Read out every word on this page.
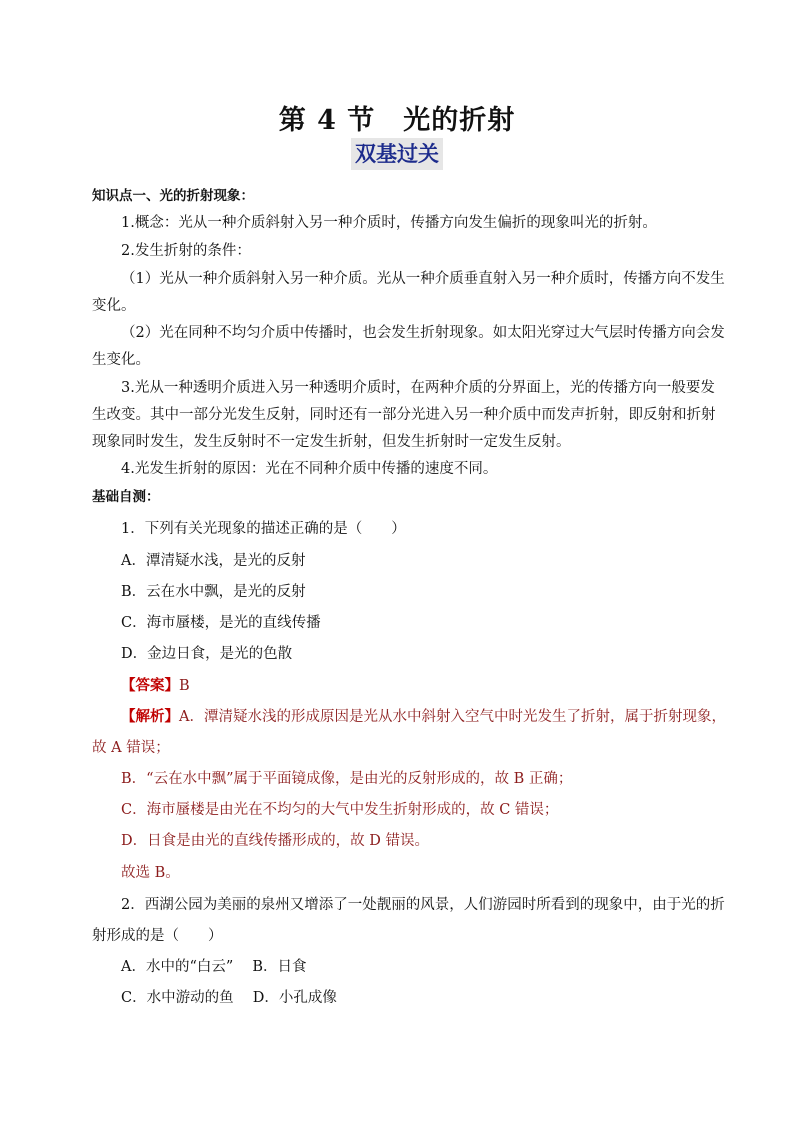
第 4 节　光的折射
双基过关
知识点一、光的折射现象：
1.概念：光从一种介质斜射入另一种介质时，传播方向发生偏折的现象叫光的折射。
2.发生折射的条件：
（1）光从一种介质斜射入另一种介质。光从一种介质垂直射入另一种介质时，传播方向不发生
变化。
（2）光在同种不均匀介质中传播时，也会发生折射现象。如太阳光穿过大气层时传播方向会发
生变化。
3.光从一种透明介质进入另一种透明介质时，在两种介质的分界面上，光的传播方向一般要发
生改变。其中一部分光发生反射，同时还有一部分光进入另一种介质中而发声折射，即反射和折射
现象同时发生，发生反射时不一定发生折射，但发生折射时一定发生反射。
4.光发生折射的原因：光在不同种介质中传播的速度不同。
基础自测：
1．下列有关光现象的描述正确的是（　　）
A．潭清疑水浅，是光的反射
B．云在水中飘，是光的反射
C．海市蜃楼，是光的直线传播
D．金边日食，是光的色散
【答案】B
【解析】A．潭清疑水浅的形成原因是光从水中斜射入空气中时光发生了折射，属于折射现象，
故 A 错误；
B．“云在水中飘”属于平面镜成像，是由光的反射形成的，故 B 正确；
C．海市蜃楼是由光在不均匀的大气中发生折射形成的，故 C 错误；
D．日食是由光的直线传播形成的，故 D 错误。
故选 B。
2．西湖公园为美丽的泉州又增添了一处靓丽的风景，人们游园时所看到的现象中，由于光的折
射形成的是（　　）
A．水中的“白云”　 B．日食
C．水中游动的鱼　 D．小孔成像
